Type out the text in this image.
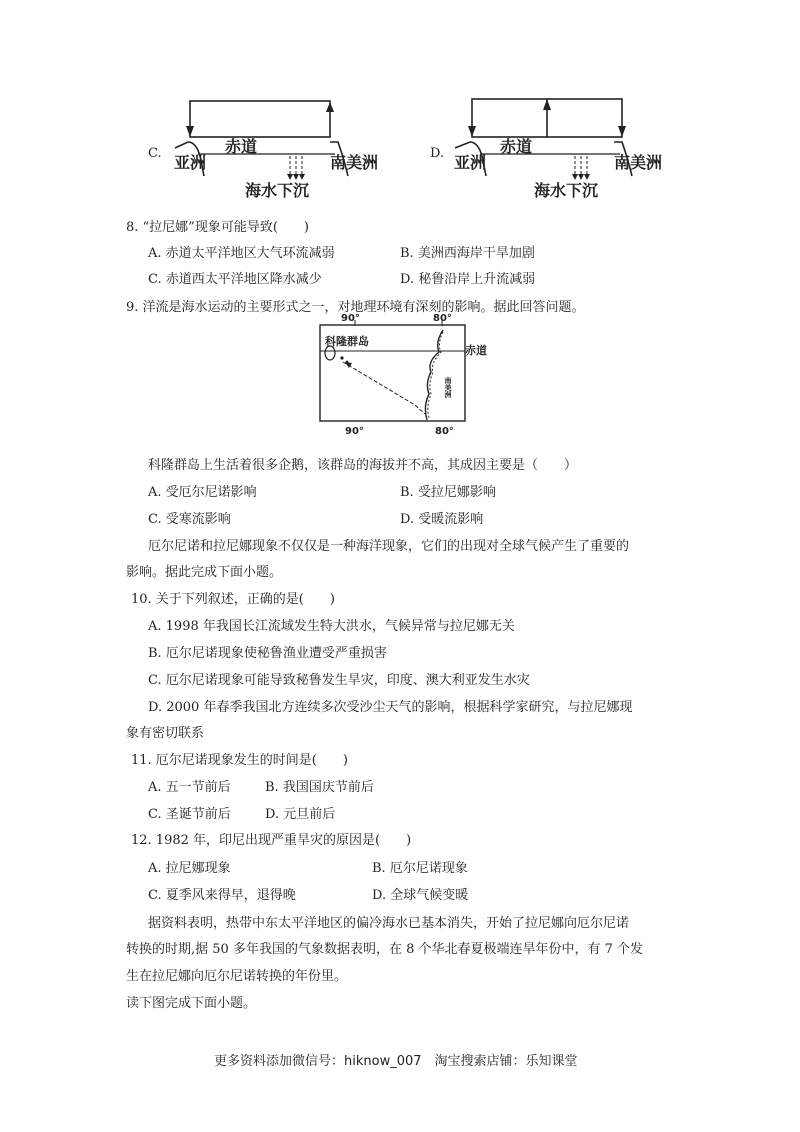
C.	赤道
亚洲	南美洲
海水下沉
D.	赤道
亚洲	南美洲
海水下沉
8. “拉尼娜”现象可能导致(　　)
A. 赤道太平洋地区大气环流减弱	B. 美洲西海岸干旱加剧
C. 赤道西太平洋地区降水减少	D. 秘鲁沿岸上升流减弱
9. 洋流是海水运动的主要形式之一，对地理环境有深刻的影响。据此回答问题。
90°	80°
科隆群岛
赤道
南美洲
90°	80°
科隆群岛上生活着很多企鹅，该群岛的海拔并不高，其成因主要是（　　）
A. 受厄尔尼诺影响	B. 受拉尼娜影响
C. 受寒流影响	D. 受暖流影响
厄尔尼诺和拉尼娜现象不仅仅是一种海洋现象，它们的出现对全球气候产生了重要的
影响。据此完成下面小题。
10. 关于下列叙述，正确的是(　　)
A. 1998 年我国长江流域发生特大洪水，气候异常与拉尼娜无关
B. 厄尔尼诺现象使秘鲁渔业遭受严重损害
C. 厄尔尼诺现象可能导致秘鲁发生旱灾，印度、澳大利亚发生水灾
D. 2000 年春季我国北方连续多次受沙尘天气的影响，根据科学家研究，与拉尼娜现
象有密切联系
11. 厄尔尼诺现象发生的时间是(　　)
A. 五一节前后	B. 我国国庆节前后
C. 圣诞节前后	D. 元旦前后
12. 1982 年，印尼出现严重旱灾的原因是(　　)
A. 拉尼娜现象	B. 厄尔尼诺现象
C. 夏季风来得早，退得晚	D. 全球气候变暖
据资料表明，热带中东太平洋地区的偏冷海水已基本消失，开始了拉尼娜向厄尔尼诺
转换的时期,据 50 多年我国的气象数据表明，在 8 个华北春夏极端连旱年份中，有 7 个发
生在拉尼娜向厄尔尼诺转换的年份里。
读下图完成下面小题。
更多资料添加微信号：hiknow_007　淘宝搜索店铺：乐知课堂
